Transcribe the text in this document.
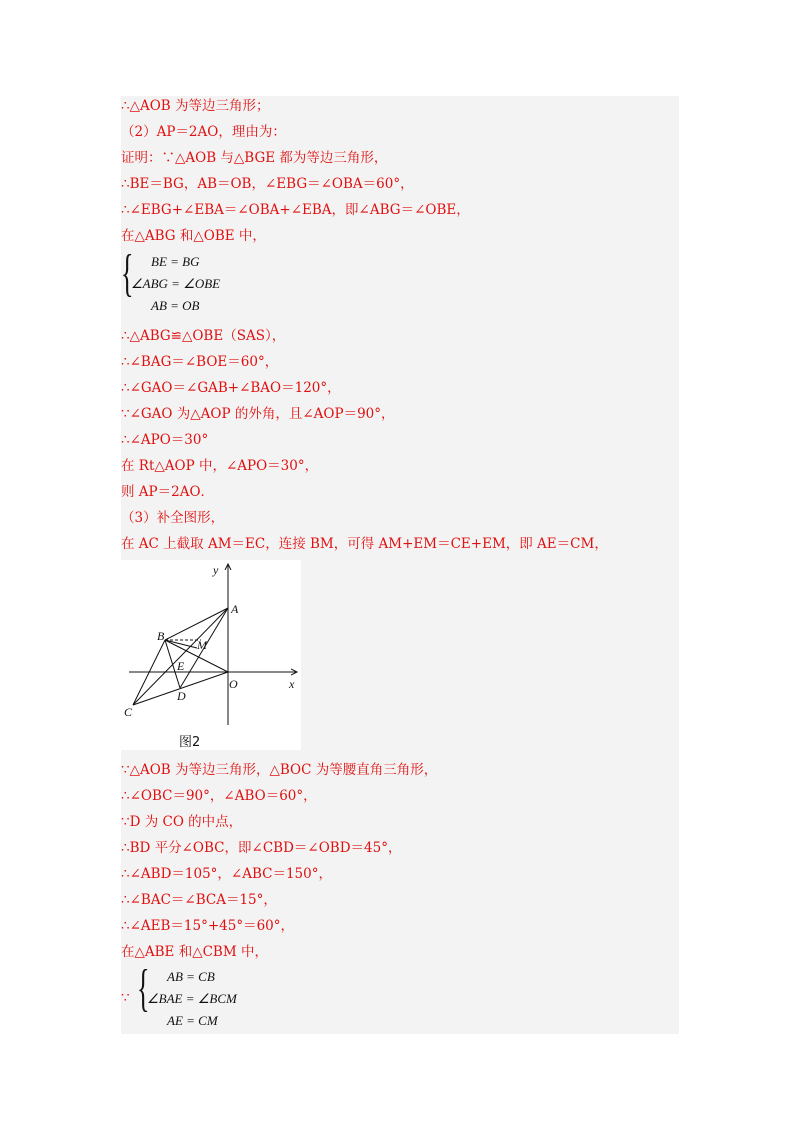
∴△AOB 为等边三角形；
（2）AP＝2AO，理由为：
证明：∵△AOB 与△BGE 都为等边三角形，
∴BE＝BG，AB＝OB，∠EBG＝∠OBA＝60°，
∴∠EBG+∠EBA＝∠OBA+∠EBA，即∠ABG＝∠OBE，
在△ABG 和△OBE 中，
{ BE = BG
∠ABG = ∠OBE
AB = OB
∴△ABG≌△OBE（SAS），
∴∠BAG＝∠BOE＝60°，
∴∠GAO＝∠GAB+∠BAO＝120°，
∵∠GAO 为△AOP 的外角，且∠AOP＝90°，
∴∠APO＝30°
在 Rt△AOP 中，∠APO＝30°，
则 AP＝2AO．
（3）补全图形，
在 AC 上截取 AM＝EC，连接 BM，可得 AM+EM＝CE+EM，即 AE＝CM，
y
x
A
B
M
E
D
O
C
图2
∵△AOB 为等边三角形，△BOC 为等腰直角三角形，
∴∠OBC＝90°，∠ABO＝60°，
∵D 为 CO 的中点，
∴BD 平分∠OBC，即∠CBD＝∠OBD＝45°，
∴∠ABD＝105°，∠ABC＝150°，
∴∠BAC＝∠BCA＝15°，
∴∠AEB＝15°+45°＝60°，
在△ABE 和△CBM 中，
∵ { AB = CB
∠BAE = ∠BCM
AE = CM
